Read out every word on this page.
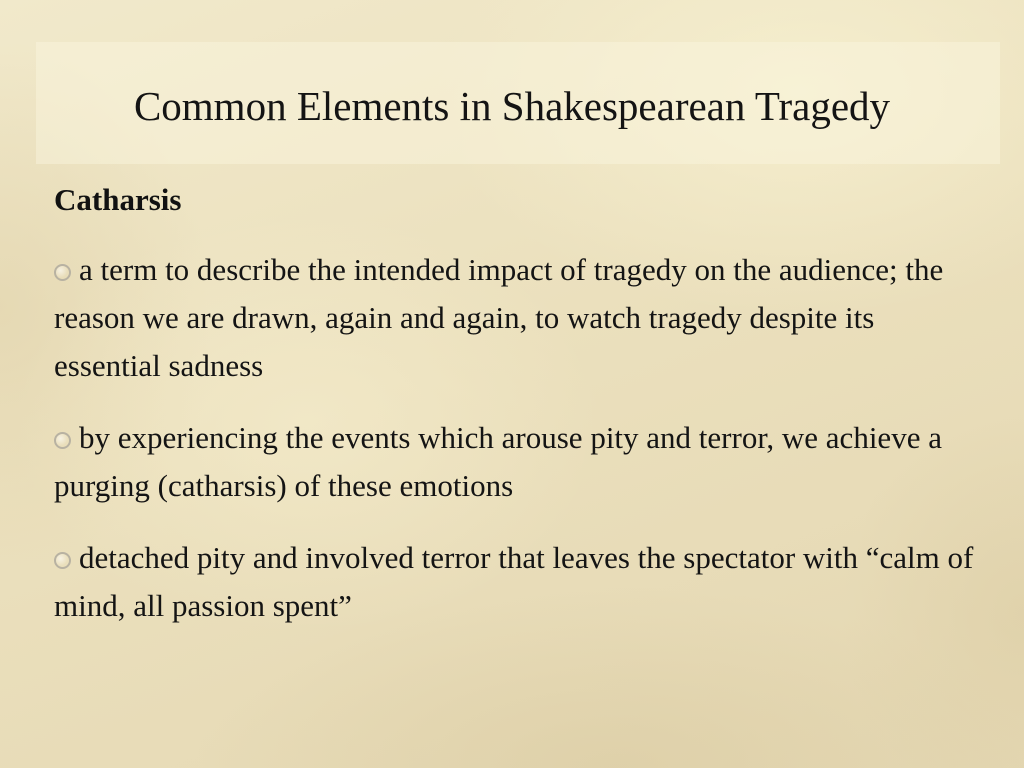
Common Elements in Shakespearean Tragedy
Catharsis
a term to describe the intended impact of tragedy on the audience; the reason we are drawn, again and again, to watch tragedy despite its essential sadness
by experiencing the events which arouse pity and terror, we achieve a purging (catharsis) of these emotions
detached pity and involved terror that leaves the spectator with “calm of mind, all passion spent”
